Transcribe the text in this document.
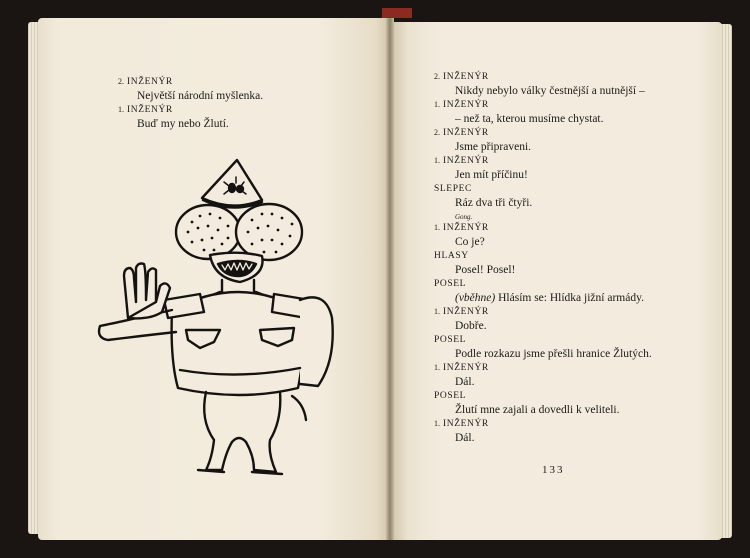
2. INŽENÝR
Největší národní myšlenka.
1. INŽENÝR
Buď my nebo Žlutí.
2. INŽENÝR
Nikdy nebylo války čestnější a nutnější –
1. INŽENÝR
– než ta, kterou musíme chystat.
2. INŽENÝR
Jsme připraveni.
1. INŽENÝR
Jen mít příčinu!
SLEPEC
Ráz dva tři čtyři.
Gong.
1. INŽENÝR
Co je?
HLASY
Posel! Posel!
POSEL
(vběhne) Hlásím se: Hlídka jižní armády.
1. INŽENÝR
Dobře.
POSEL
Podle rozkazu jsme přešli hranice Žlutých.
1. INŽENÝR
Dál.
POSEL
Žlutí mne zajali a dovedli k veliteli.
1. INŽENÝR
Dál.
133
